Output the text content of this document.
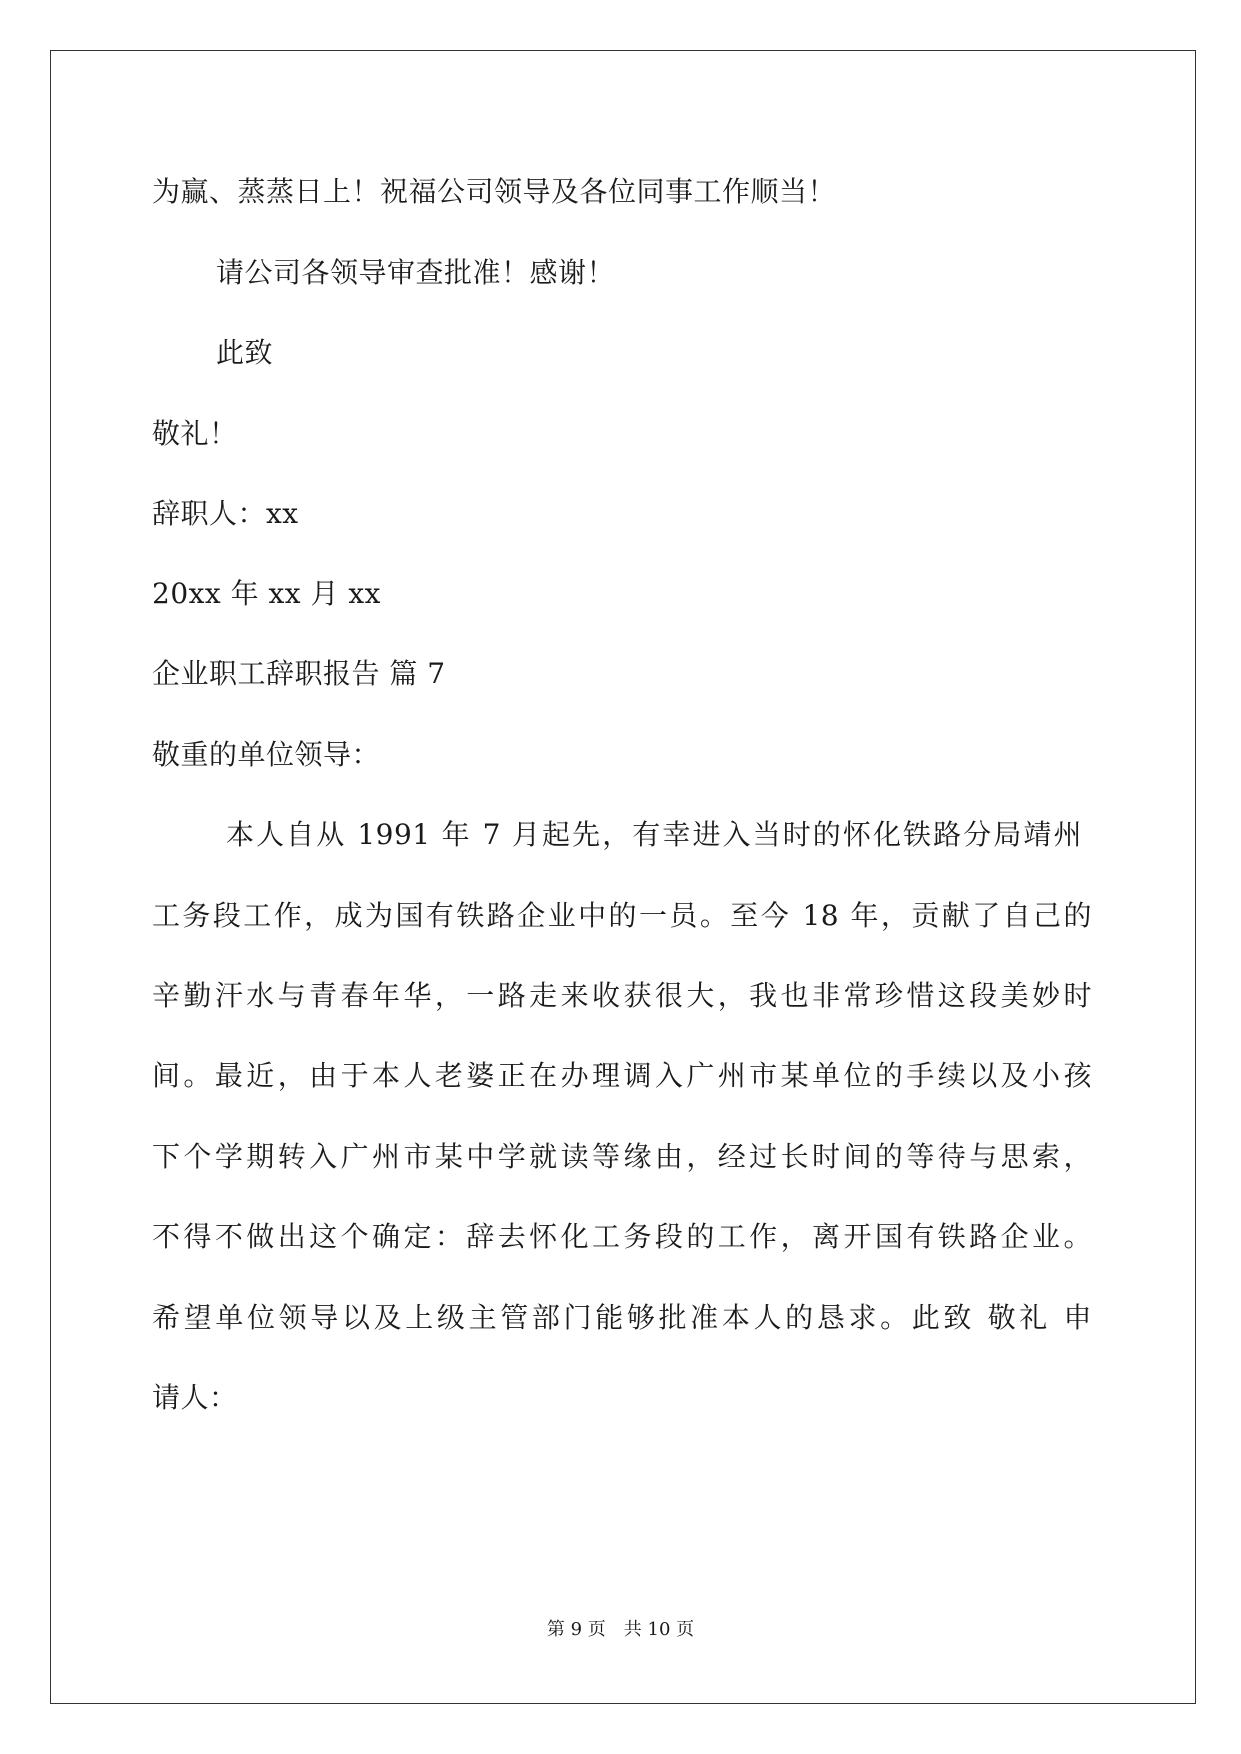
为赢、蒸蒸日上！祝福公司领导及各位同事工作顺当！
请公司各领导审查批准！感谢！
此致
敬礼！
辞职人：xx
20xx 年 xx 月 xx
企业职工辞职报告 篇 7
敬重的单位领导：
本人自从 1991 年 7 月起先，有幸进入当时的怀化铁路分局靖州
工务段工作，成为国有铁路企业中的一员。至今 18 年，贡献了自己的
辛勤汗水与青春年华，一路走来收获很大，我也非常珍惜这段美妙时
间。最近，由于本人老婆正在办理调入广州市某单位的手续以及小孩
下个学期转入广州市某中学就读等缘由，经过长时间的等待与思索，
不得不做出这个确定：辞去怀化工务段的工作，离开国有铁路企业。
希望单位领导以及上级主管部门能够批准本人的恳求。此致 敬礼 申
请人：
第 9 页 共 10 页
